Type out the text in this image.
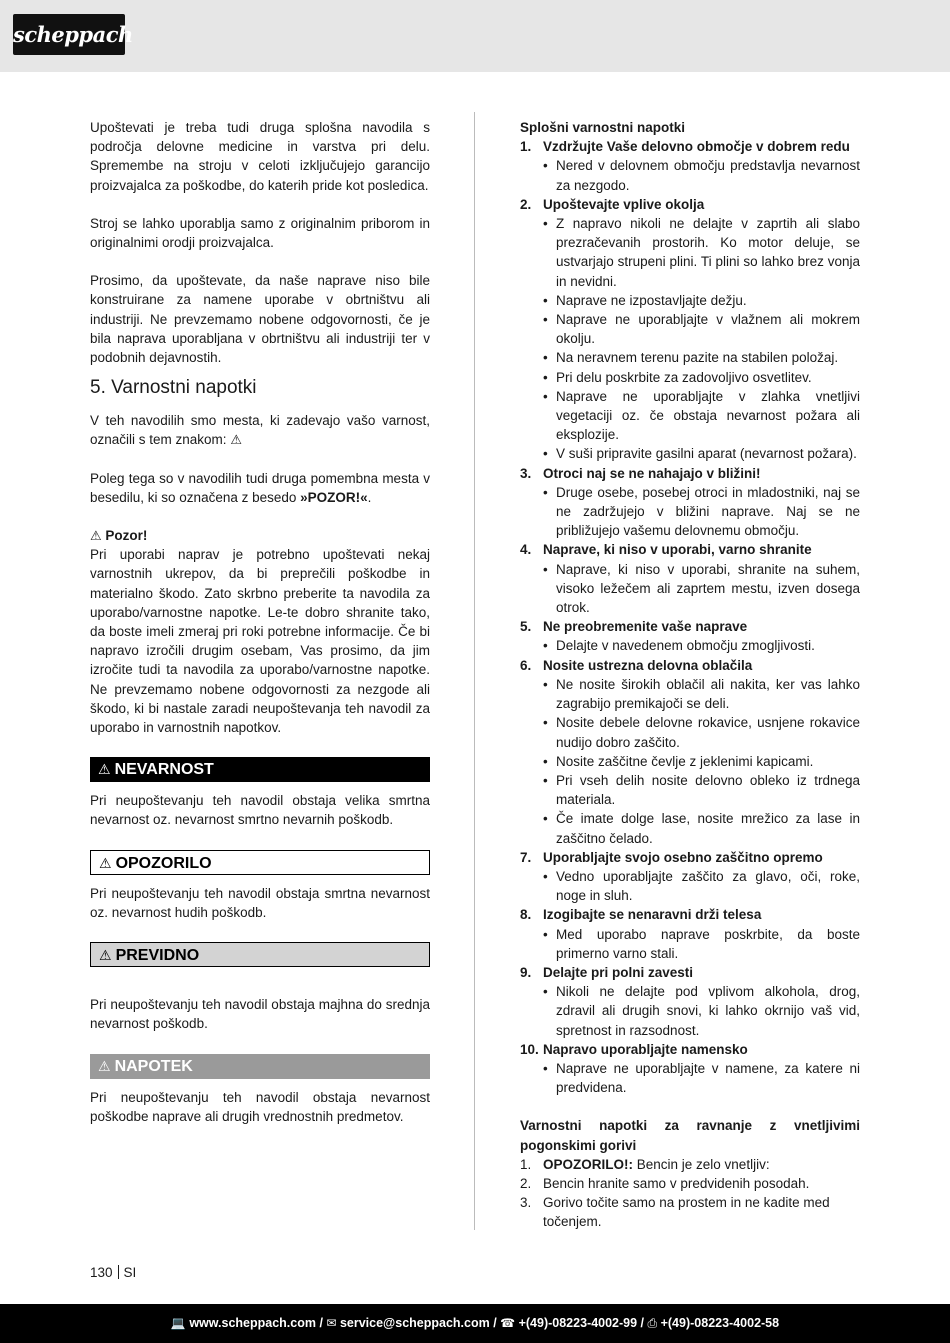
scheppach

Upoštevati je treba tudi druga splošna navodila s področja delovne medicine in varstva pri delu. Spremembe na stroju v celoti izključujejo garancijo proizvajalca za poškodbe, do katerih pride kot posledica.

Stroj se lahko uporablja samo z originalnim priborom in originalnimi orodji proizvajalca.

Prosimo, da upoštevate, da naše naprave niso bile konstruirane za namene uporabe v obrtništvu ali industriji. Ne prevzemamo nobene odgovornosti, če je bila naprava uporabljana v obrtništvu ali industriji ter v podobnih dejavnostih.

5. Varnostni napotki

V teh navodilih smo mesta, ki zadevajo vašo varnost, označili s tem znakom: ⚠

Poleg tega so v navodilih tudi druga pomembna mesta v besedilu, ki so označena z besedo »POZOR!«.

⚠ Pozor!

Pri uporabi naprav je potrebno upoštevati nekaj varnostnih ukrepov, da bi preprečili poškodbe in materialno škodo. Zato skrbno preberite ta navodila za uporabo/varnostne napotke. Le-te dobro shranite tako, da boste imeli zmeraj pri roki potrebne informacije. Če bi napravo izročili drugim osebam, Vas prosimo, da jim izročite tudi ta navodila za uporabo/varnostne napotke. Ne prevzemamo nobene odgovornosti za nezgode ali škodo, ki bi nastale zaradi neupoštevanja teh navodil za uporabo in varnostnih napotkov.

⚠ NEVARNOST

Pri neupoštevanju teh navodil obstaja velika smrtna nevarnost oz. nevarnost smrtno nevarnih poškodb.

⚠ OPOZORILO

Pri neupoštevanju teh navodil obstaja smrtna nevarnost oz. nevarnost hudih poškodb.

⚠ PREVIDNO

Pri neupoštevanju teh navodil obstaja majhna do srednja nevarnost poškodb.

⚠ NAPOTEK

Pri neupoštevanju teh navodil obstaja nevarnost poškodbe naprave ali drugih vrednostnih predmetov.

Splošni varnostni napotki
1. Vzdržujte Vaše delovno območje v dobrem redu
• Nered v delovnem območju predstavlja nevarnost za nezgodo.
2. Upoštevajte vplive okolja
• Z napravo nikoli ne delajte v zaprtih ali slabo prezračevanih prostorih. Ko motor deluje, se ustvarjajo strupeni plini. Ti plini so lahko brez vonja in nevidni.
• Naprave ne izpostavljajte dežju.
• Naprave ne uporabljajte v vlažnem ali mokrem okolju.
• Na neravnem terenu pazite na stabilen položaj.
• Pri delu poskrbite za zadovoljivo osvetlitev.
• Naprave ne uporabljajte v zlahka vnetljivi vegetaciji oz. če obstaja nevarnost požara ali eksplozije.
• V suši pripravite gasilni aparat (nevarnost požara).
3. Otroci naj se ne nahajajo v bližini!
• Druge osebe, posebej otroci in mladostniki, naj se ne zadržujejo v bližini naprave. Naj se ne približujejo vašemu delovnemu območju.
4. Naprave, ki niso v uporabi, varno shranite
• Naprave, ki niso v uporabi, shranite na suhem, visoko ležečem ali zaprtem mestu, izven dosega otrok.
5. Ne preobremenite vaše naprave
• Delajte v navedenem območju zmogljivosti.
6. Nosite ustrezna delovna oblačila
• Ne nosite širokih oblačil ali nakita, ker vas lahko zagrabijo premikajoči se deli.
• Nosite debele delovne rokavice, usnjene rokavice nudijo dobro zaščito.
• Nosite zaščitne čevlje z jeklenimi kapicami.
• Pri vseh delih nosite delovno obleko iz trdnega materiala.
• Če imate dolge lase, nosite mrežico za lase in zaščitno čelado.
7. Uporabljajte svojo osebno zaščitno opremo
• Vedno uporabljajte zaščito za glavo, oči, roke, noge in sluh.
8. Izogibajte se nenaravni drži telesa
• Med uporabo naprave poskrbite, da boste primerno varno stali.
9. Delajte pri polni zavesti
• Nikoli ne delajte pod vplivom alkohola, drog, zdravil ali drugih snovi, ki lahko okrnijo vaš vid, spretnost in razsodnost.
10. Napravo uporabljajte namensko
• Naprave ne uporabljajte v namene, za katere ni predvidena.
Varnostni napotki za ravnanje z vnetljivimi pogonskimi gorivi
1. OPOZORILO!: Bencin je zelo vnetljiv:
2. Bencin hranite samo v predvidenih posodah.
3. Gorivo točite samo na prostem in ne kadite med točenjem.
130 SI
💻 www.scheppach.com / ✉ service@scheppach.com / ☎ +(49)-08223-4002-99 / ⎙ +(49)-08223-4002-58
